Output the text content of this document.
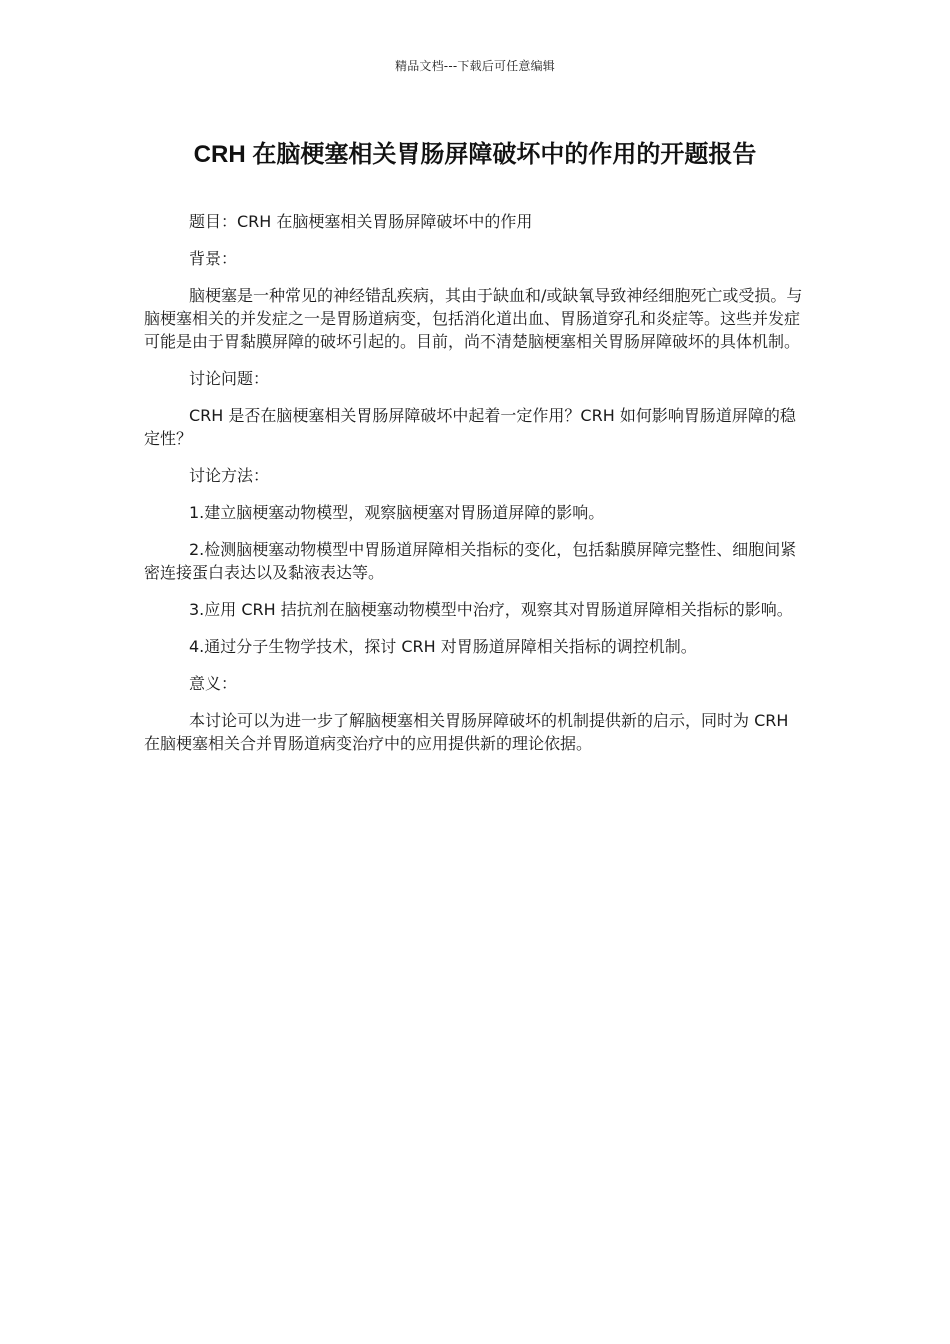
精品文档---下载后可任意编辑
CRH 在脑梗塞相关胃肠屏障破坏中的作用的开题报告

题目：CRH 在脑梗塞相关胃肠屏障破坏中的作用

背景：

脑梗塞是一种常见的神经错乱疾病，其由于缺血和/或缺氧导致神经细胞死亡或受损。与脑梗塞相关的并发症之一是胃肠道病变，包括消化道出血、胃肠道穿孔和炎症等。这些并发症可能是由于胃黏膜屏障的破坏引起的。目前，尚不清楚脑梗塞相关胃肠屏障破坏的具体机制。

讨论问题：

CRH 是否在脑梗塞相关胃肠屏障破坏中起着一定作用？CRH 如何影响胃肠道屏障的稳定性？

讨论方法：

1.建立脑梗塞动物模型，观察脑梗塞对胃肠道屏障的影响。

2.检测脑梗塞动物模型中胃肠道屏障相关指标的变化，包括黏膜屏障完整性、细胞间紧密连接蛋白表达以及黏液表达等。

3.应用 CRH 拮抗剂在脑梗塞动物模型中治疗，观察其对胃肠道屏障相关指标的影响。

4.通过分子生物学技术，探讨 CRH 对胃肠道屏障相关指标的调控机制。

意义：

本讨论可以为进一步了解脑梗塞相关胃肠屏障破坏的机制提供新的启示，同时为 CRH 在脑梗塞相关合并胃肠道病变治疗中的应用提供新的理论依据。
